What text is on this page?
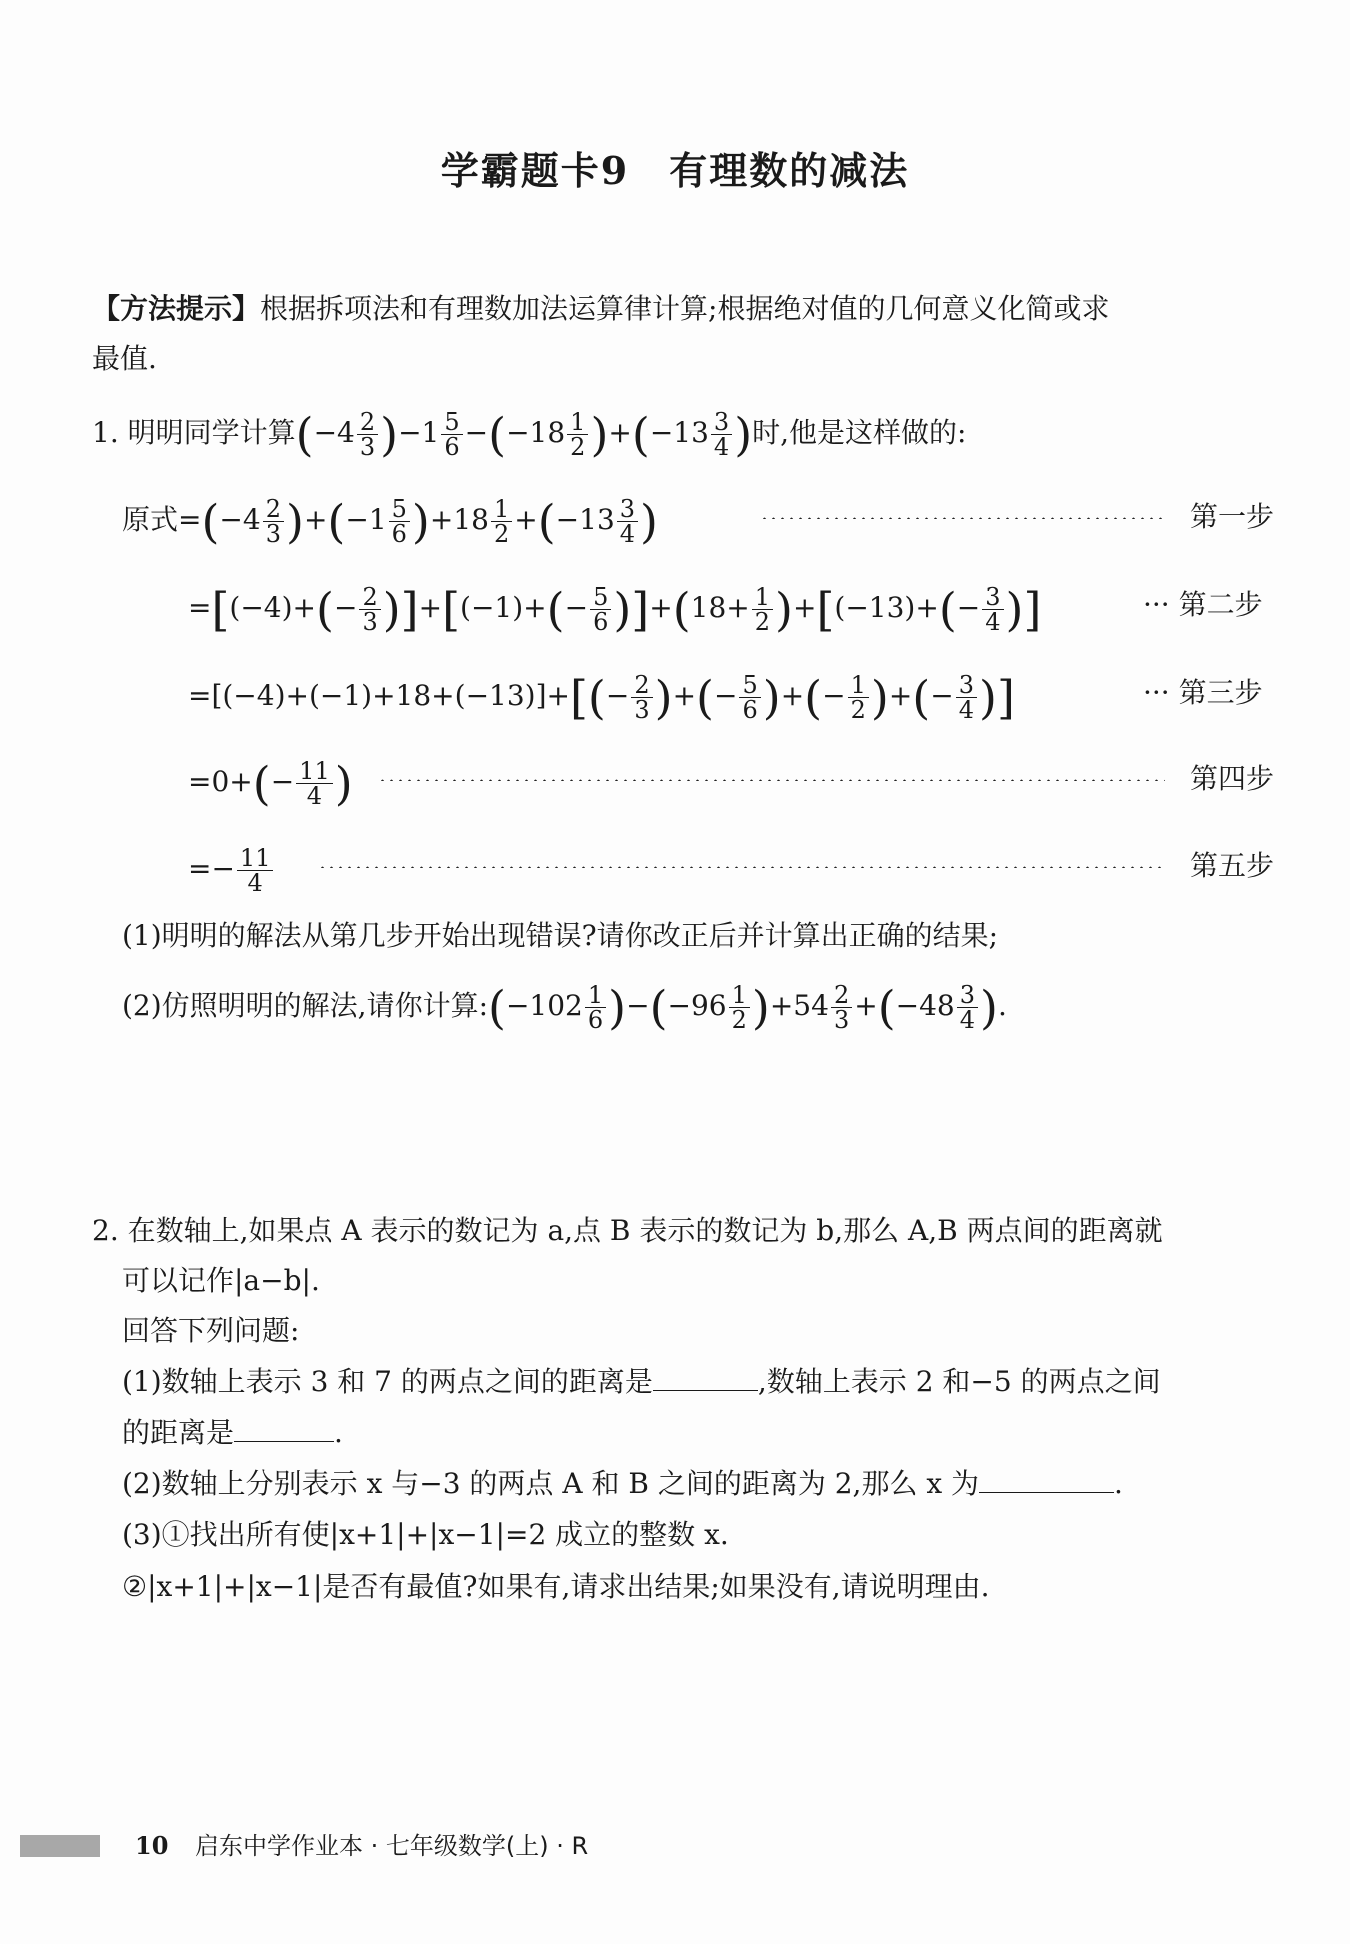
学霸题卡9　有理数的减法
【方法提示】根据拆项法和有理数加法运算律计算;根据绝对值的几何意义化简或求
最值.
1. 明明同学计算$(-4 \frac{2}{3} )-1 \frac{5}{6} -(-18 \frac{1}{2} )+(-13 \frac{3}{4}$ )时,他是这样做的:
原式$=(-4 \frac{2}{3} )+(-1 \frac{5}{6} )+18 \frac{1}{2} +(-13 \frac{3}{4}$ )	第一步
$=[(-4)+(- \frac{2}{3} )]+[(-1)+(- \frac{5}{6} )]+(18+ \frac{1}{2} )+[(-13)+(- \frac{3}{4}$ )]	··· 第二步
$=[(-4)+(-1)+18+(-13)]+[(- \frac{2}{3}$ )+(− $\frac{5}{6}$ )+(− $\frac{1}{2}$ )+(− $\frac{3}{4}$ )]	··· 第三步
$=0+(- \frac{11}{4}$ )	第四步
=− $\frac{11}{4}$	第五步
(1)明明的解法从第几步开始出现错误?请你改正后并计算出正确的结果;
(2)仿照明明的解法,请你计算:(−102 $\frac{1}{6} )-(-96 \frac{1}{2} )+54 \frac{2}{3} +(-48 \frac{3}{4}$ ).
2. 在数轴上,如果点 A 表示的数记为 a,点 B 表示的数记为 b,那么 A,B 两点间的距离就
可以记作|a−b|.
回答下列问题:
(1)数轴上表示 3 和 7 的两点之间的距离是	,数轴上表示 2 和−5 的两点之间
的距离是	.
(2)数轴上分别表示 x 与−3 的两点 A 和 B 之间的距离为 2,那么 x 为	.
(3)①找出所有使|x+1|+|x−1|=2 成立的整数 x.
②|x+1|+|x−1|是否有最值?如果有,请求出结果;如果没有,请说明理由.
10 启东中学作业本 · 七年级数学(上) · R
